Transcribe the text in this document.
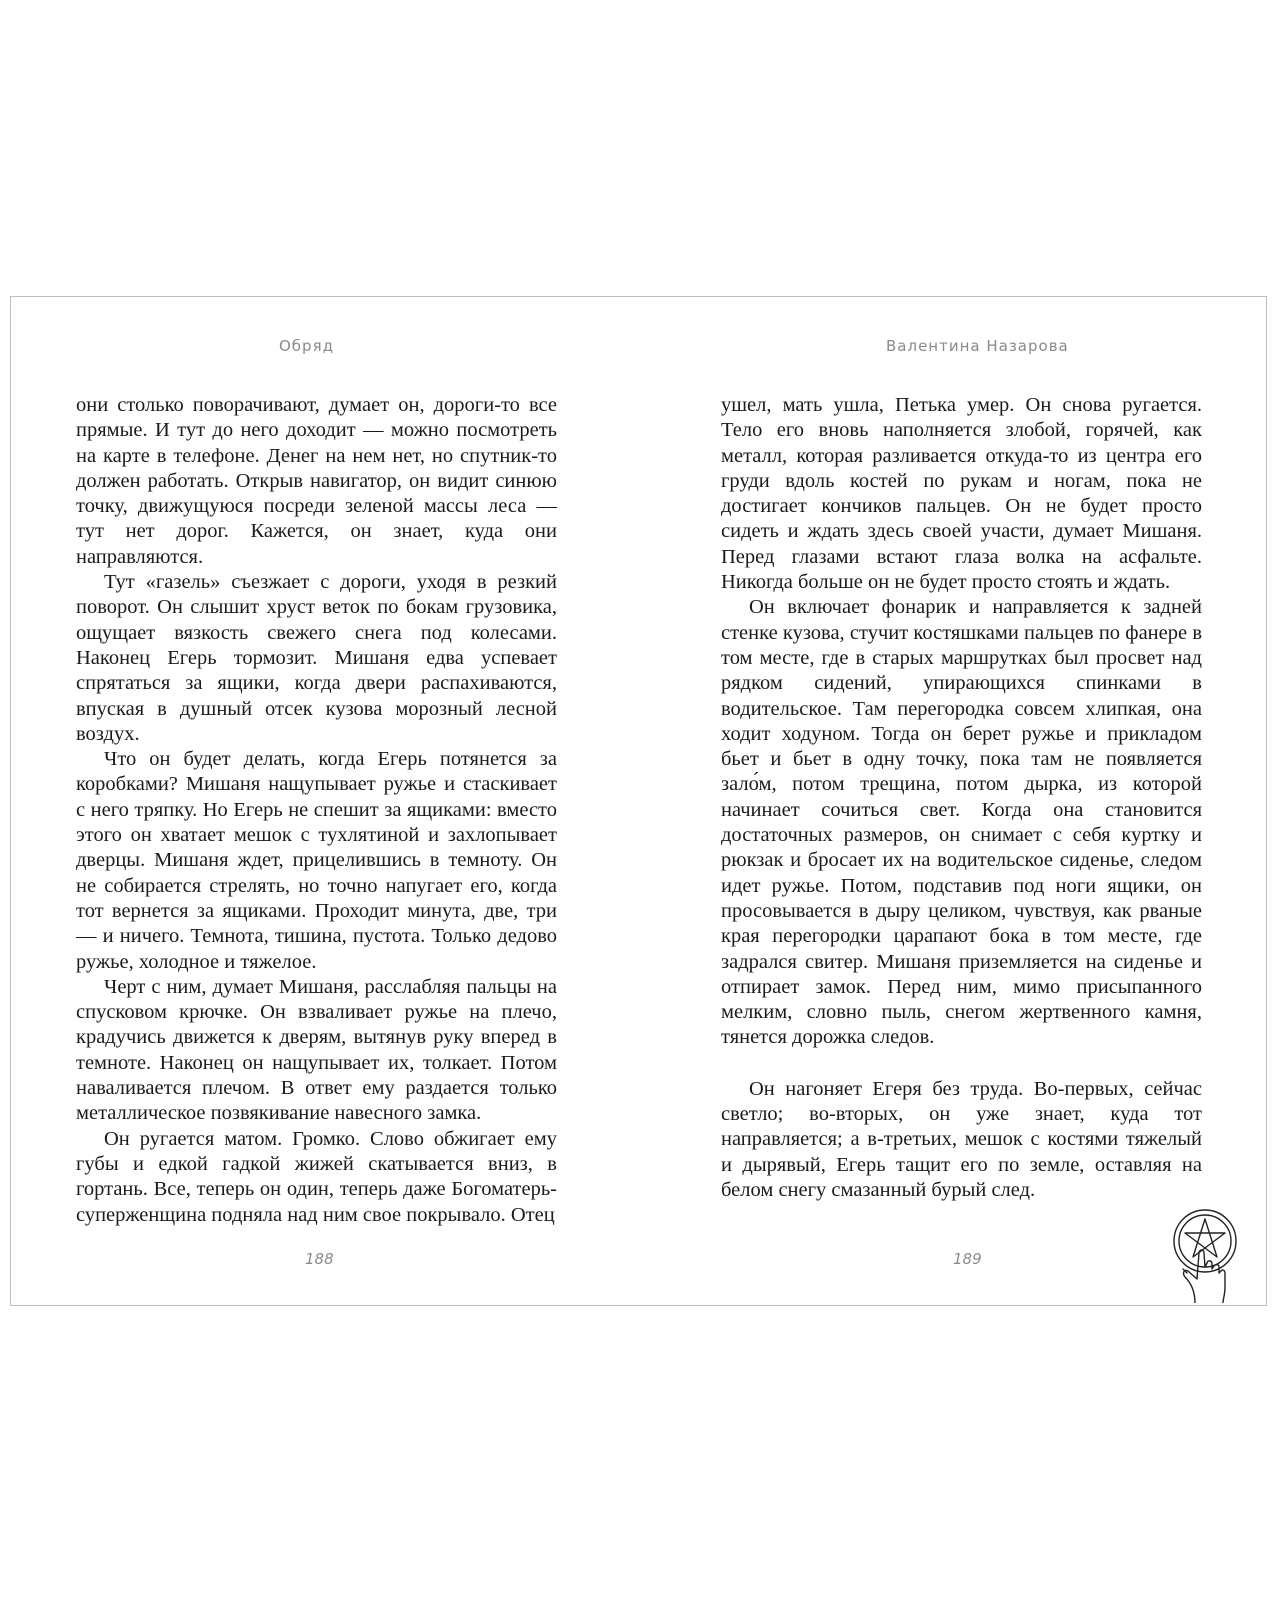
Обряд	Валентина Назарова

они столько поворачивают, думает он, дороги-то все прямые. И тут до него доходит — можно посмотреть на карте в телефоне. Денег на нем нет, но спутник-то должен работать. Открыв навигатор, он видит синюю точку, движущуюся посреди зеленой массы леса — тут нет дорог. Кажется, он знает, куда они направляются.

Тут «газель» съезжает с дороги, уходя в резкий поворот. Он слышит хруст веток по бокам грузовика, ощущает вязкость свежего снега под колесами. Наконец Егерь тормозит. Мишаня едва успевает спрятаться за ящики, когда двери распахиваются, впуская в душный отсек кузова морозный лесной воздух.

Что он будет делать, когда Егерь потянется за коробками? Мишаня нащупывает ружье и стаскивает с него тряпку. Но Егерь не спешит за ящиками: вместо этого он хватает мешок с тухлятиной и захлопывает дверцы. Мишаня ждет, прицелившись в темноту. Он не собирается стрелять, но точно напугает его, когда тот вернется за ящиками. Проходит минута, две, три — и ничего. Темнота, тишина, пустота. Только дедово ружье, холодное и тяжелое.

Черт с ним, думает Мишаня, расслабляя пальцы на спусковом крючке. Он взваливает ружье на плечо, крадучись движется к дверям, вытянув руку вперед в темноте. Наконец он нащупывает их, толкает. Потом наваливается плечом. В ответ ему раздается только металлическое позвякивание навесного замка.

Он ругается матом. Громко. Слово обжигает ему губы и едкой гадкой жижей скатывается вниз, в гортань. Все, теперь он один, теперь даже Богоматерь-суперженщина подняла над ним свое покрывало. Отец

ушел, мать ушла, Петька умер. Он снова ругается. Тело его вновь наполняется злобой, горячей, как металл, которая разливается откуда-то из центра его груди вдоль костей по рукам и ногам, пока не достигает кончиков пальцев. Он не будет просто сидеть и ждать здесь своей участи, думает Мишаня. Перед глазами встают глаза волка на асфальте. Никогда больше он не будет просто стоять и ждать.

Он включает фонарик и направляется к задней стенке кузова, стучит костяшками пальцев по фанере в том месте, где в старых маршрутках был просвет над рядком сидений, упирающихся спинками в водительское. Там перегородка совсем хлипкая, она ходит ходуном. Тогда он берет ружье и прикладом бьет и бьет в одну точку, пока там не появляется зало́м, потом трещина, потом дырка, из которой начинает сочиться свет. Когда она становится достаточных размеров, он снимает с себя куртку и рюкзак и бросает их на водительское сиденье, следом идет ружье. Потом, подставив под ноги ящики, он просовывается в дыру целиком, чувствуя, как рваные края перегородки царапают бока в том месте, где задрался свитер. Мишаня приземляется на сиденье и отпирает замок. Перед ним, мимо присыпанного мелким, словно пыль, снегом жертвенного камня, тянется дорожка следов.

Он нагоняет Егеря без труда. Во-первых, сейчас светло; во-вторых, он уже знает, куда тот направляется; а в-третьих, мешок с костями тяжелый и дырявый, Егерь тащит его по земле, оставляя на белом снегу смазанный бурый след.

188	189
